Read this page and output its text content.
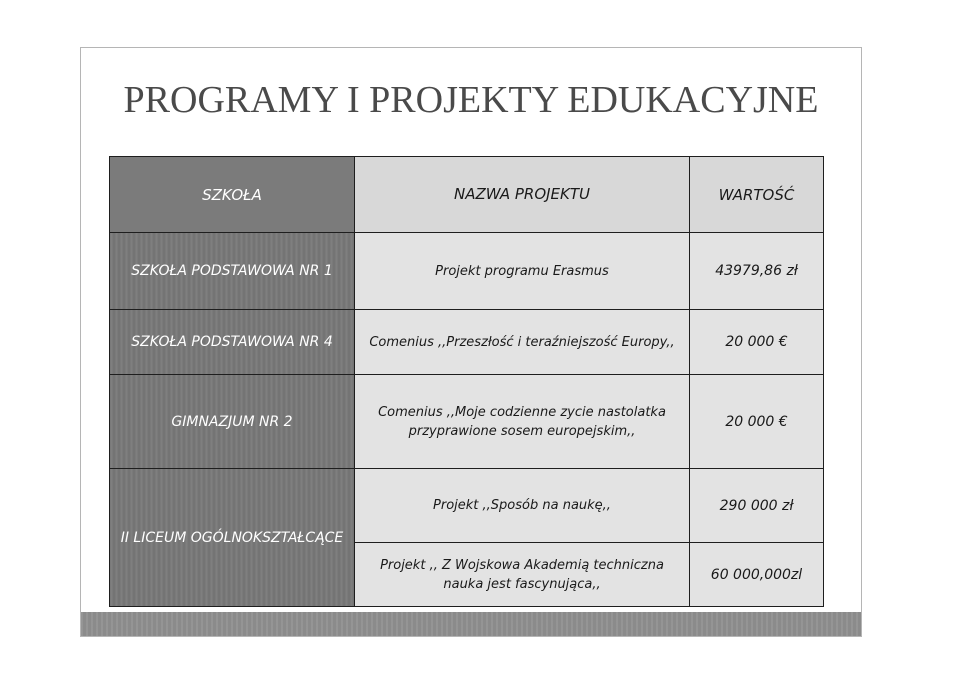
PROGRAMY I PROJEKTY EDUKACYJNE
SZKOŁA	NAZWA PROJEKTU	WARTOŚĆ
SZKOŁA PODSTAWOWA NR 1	Projekt programu Erasmus	43979,86 zł
SZKOŁA PODSTAWOWA NR 4	Comenius ,,Przeszłość i teraźniejszość Europy,,	20 000 €
GIMNAZJUM NR 2	Comenius ,,Moje codzienne zycie nastolatka przyprawione sosem europejskim,,	20 000 €
II LICEUM OGÓLNOKSZTAŁCĄCE	Projekt ,,Sposób na naukę,,	290 000 zł
	Projekt ,, Z Wojskowa Akademią techniczna nauka jest fascynująca,,	60 000,000zl
